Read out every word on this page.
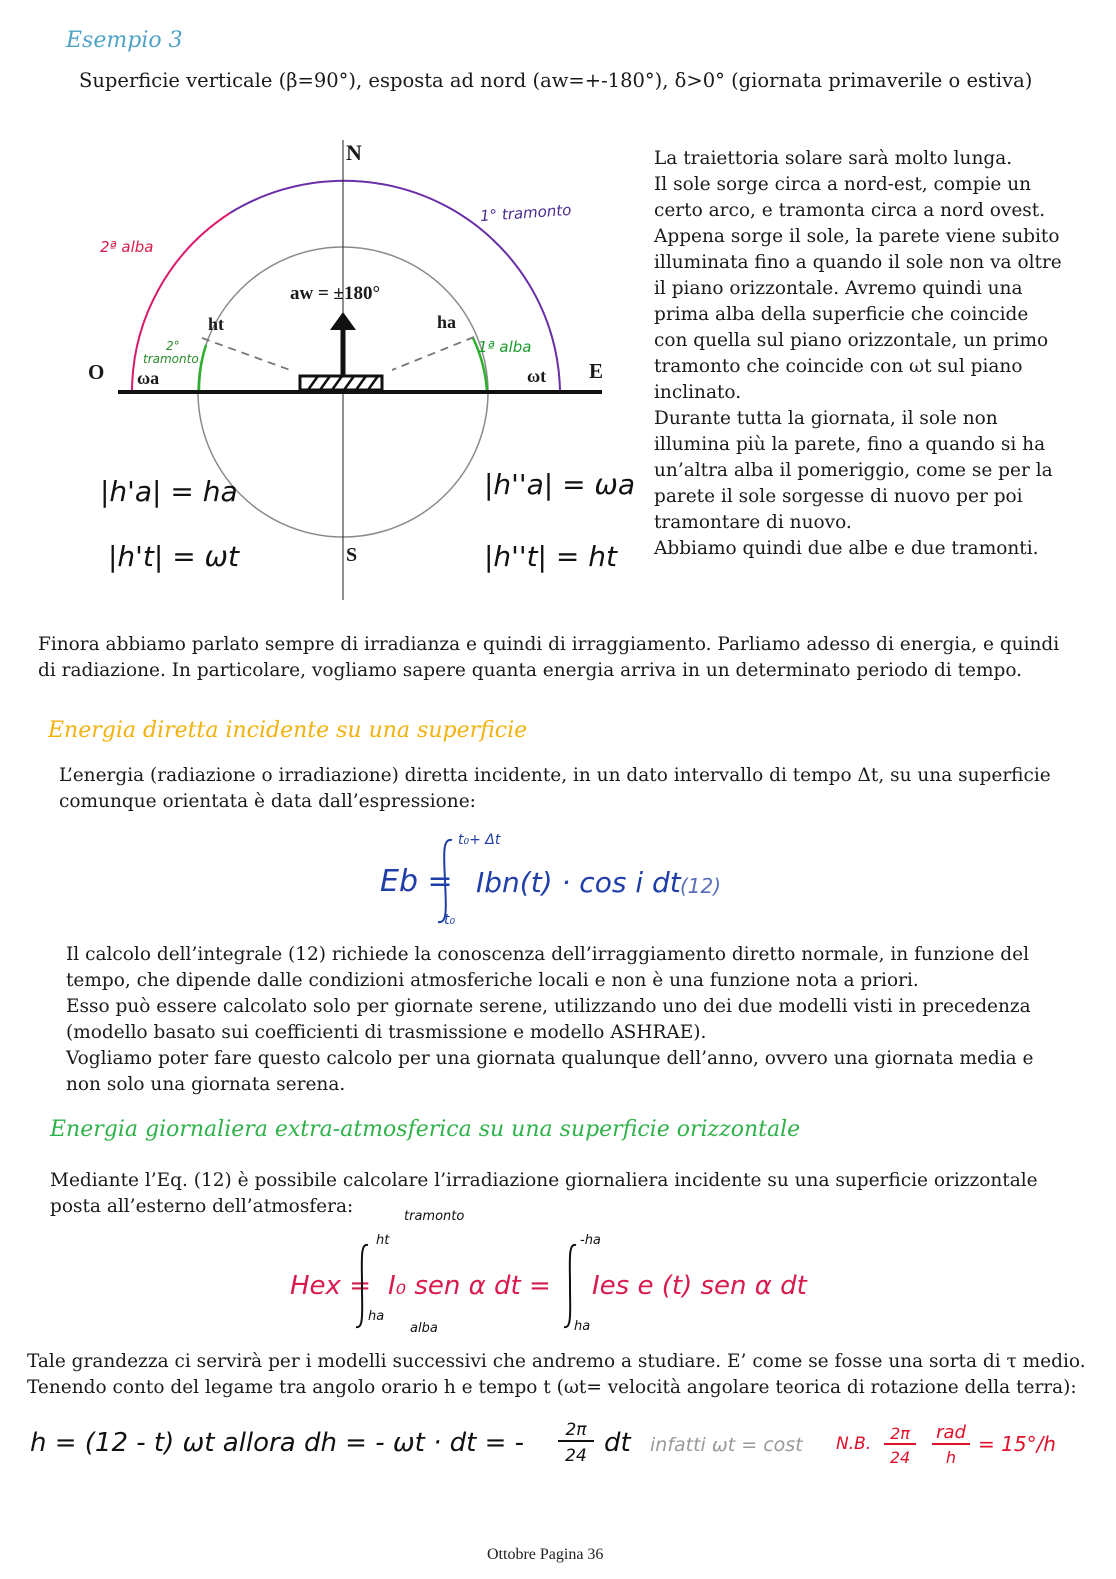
Esempio 3
Superficie verticale (β=90°), esposta ad nord (aw=+-180°), δ>0° (giornata primaverile o estiva)
N
S
E
O
aw = ±180°
ht	ha
ωa	ωt
1° tramonto
2ª alba
1ª alba
2°
tramonto
|h'a| = ha
|h't| = ωt
|h''a| = ωa
|h''t| = ht

La traiettoria solare sarà molto lunga.

Il sole sorge circa a nord-est, compie un certo arco, e tramonta circa a nord ovest.

Appena sorge il sole, la parete viene subito illuminata fino a quando il sole non va oltre il piano orizzontale. Avremo quindi una prima alba della superficie che coincide con quella sul piano orizzontale, un primo tramonto che coincide con ωt sul piano inclinato.

Durante tutta la giornata, il sole non illumina più la parete, fino a quando si ha un’altra alba il pomeriggio, come se per la parete il sole sorgesse di nuovo per poi tramontare di nuovo.

Abbiamo quindi due albe e due tramonti.

Finora abbiamo parlato sempre di irradianza e quindi di irraggiamento. Parliamo adesso di energia, e quindi di radiazione. In particolare, vogliamo sapere quanta energia arriva in un determinato periodo di tempo.
Energia diretta incidente su una superficie
L’energia (radiazione o irradiazione) diretta incidente, in un dato intervallo di tempo Δt, su una superficie comunque orientata è data dall’espressione:
Eb =
t₀+ Δt
t₀
Ibn(t) · cos i dt (12)

Il calcolo dell’integrale (12) richiede la conoscenza dell’irraggiamento diretto normale, in funzione del tempo, che dipende dalle condizioni atmosferiche locali e non è una funzione nota a priori.

Esso può essere calcolato solo per giornate serene, utilizzando uno dei due modelli visti in precedenza (modello basato sui coefficienti di trasmissione e modello ASHRAE).

Vogliamo poter fare questo calcolo per una giornata qualunque dell’anno, ovvero una giornata media e non solo una giornata serena.

Energia giornaliera extra-atmosferica su una superficie orizzontale
Mediante l’Eq. (12) è possibile calcolare l’irradiazione giornaliera incidente su una superficie orizzontale posta all’esterno dell’atmosfera:
Hex =
ht
ha
I₀ sen α dt =
-ha
ha
Ies e (t) sen α dt
tramonto
alba
Tale grandezza ci servirà per i modelli successivi che andremo a studiare. E’ come se fosse una sorta di τ medio.
Tenendo conto del legame tra angolo orario h e tempo t (ωt= velocità angolare teorica di rotazione della terra):
h = (12 - t) ωt allora dh = - ωt · dt = -	2π
24 dt infatti ωt = cost N.B.
2π
24
rad
h
= 15°/h
Ottobre Pagina 36
